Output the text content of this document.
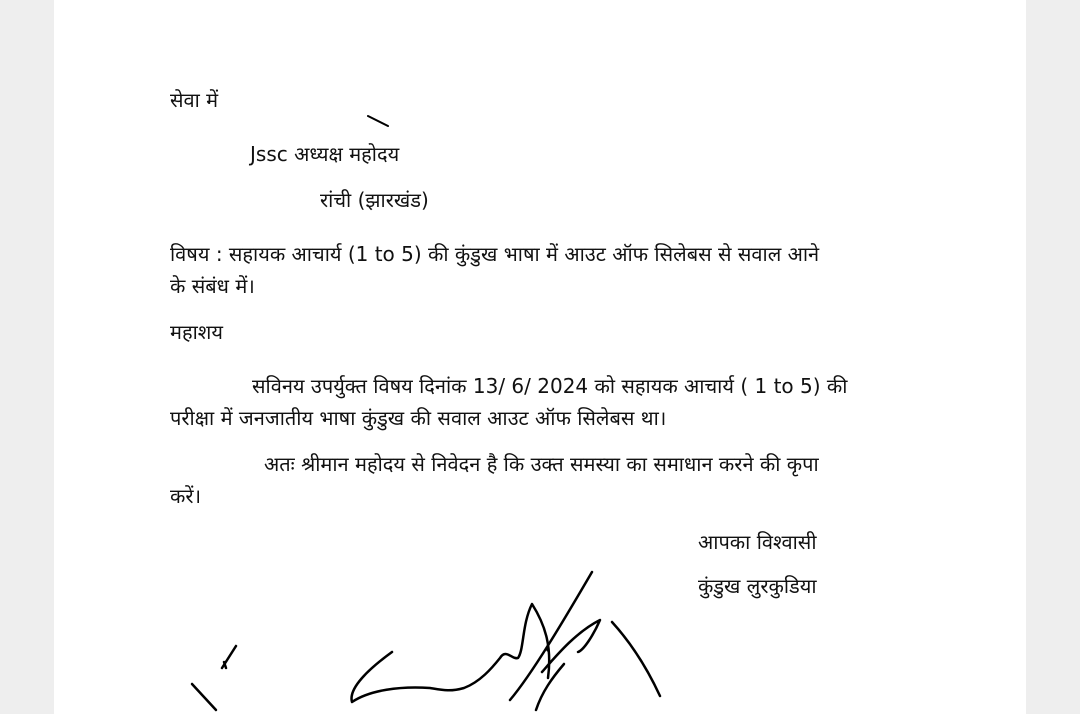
सेवा में

Jssc अध्यक्ष महोदय

रांची (झारखंड)

विषय : सहायक आचार्य (1 to 5) की कुंडुख भाषा में आउट ऑफ सिलेबस से सवाल आने

के संबंध में।

महाशय

सविनय उपर्युक्त विषय दिनांक 13/ 6/ 2024 को सहायक आचार्य ( 1 to 5) की

परीक्षा में जनजातीय भाषा कुंडुख की सवाल आउट ऑफ सिलेबस था।

अतः श्रीमान महोदय से निवेदन है कि उक्त समस्या का समाधान करने की कृपा

करें।

आपका विश्वासी

कुंडुख लुरकुडिया
